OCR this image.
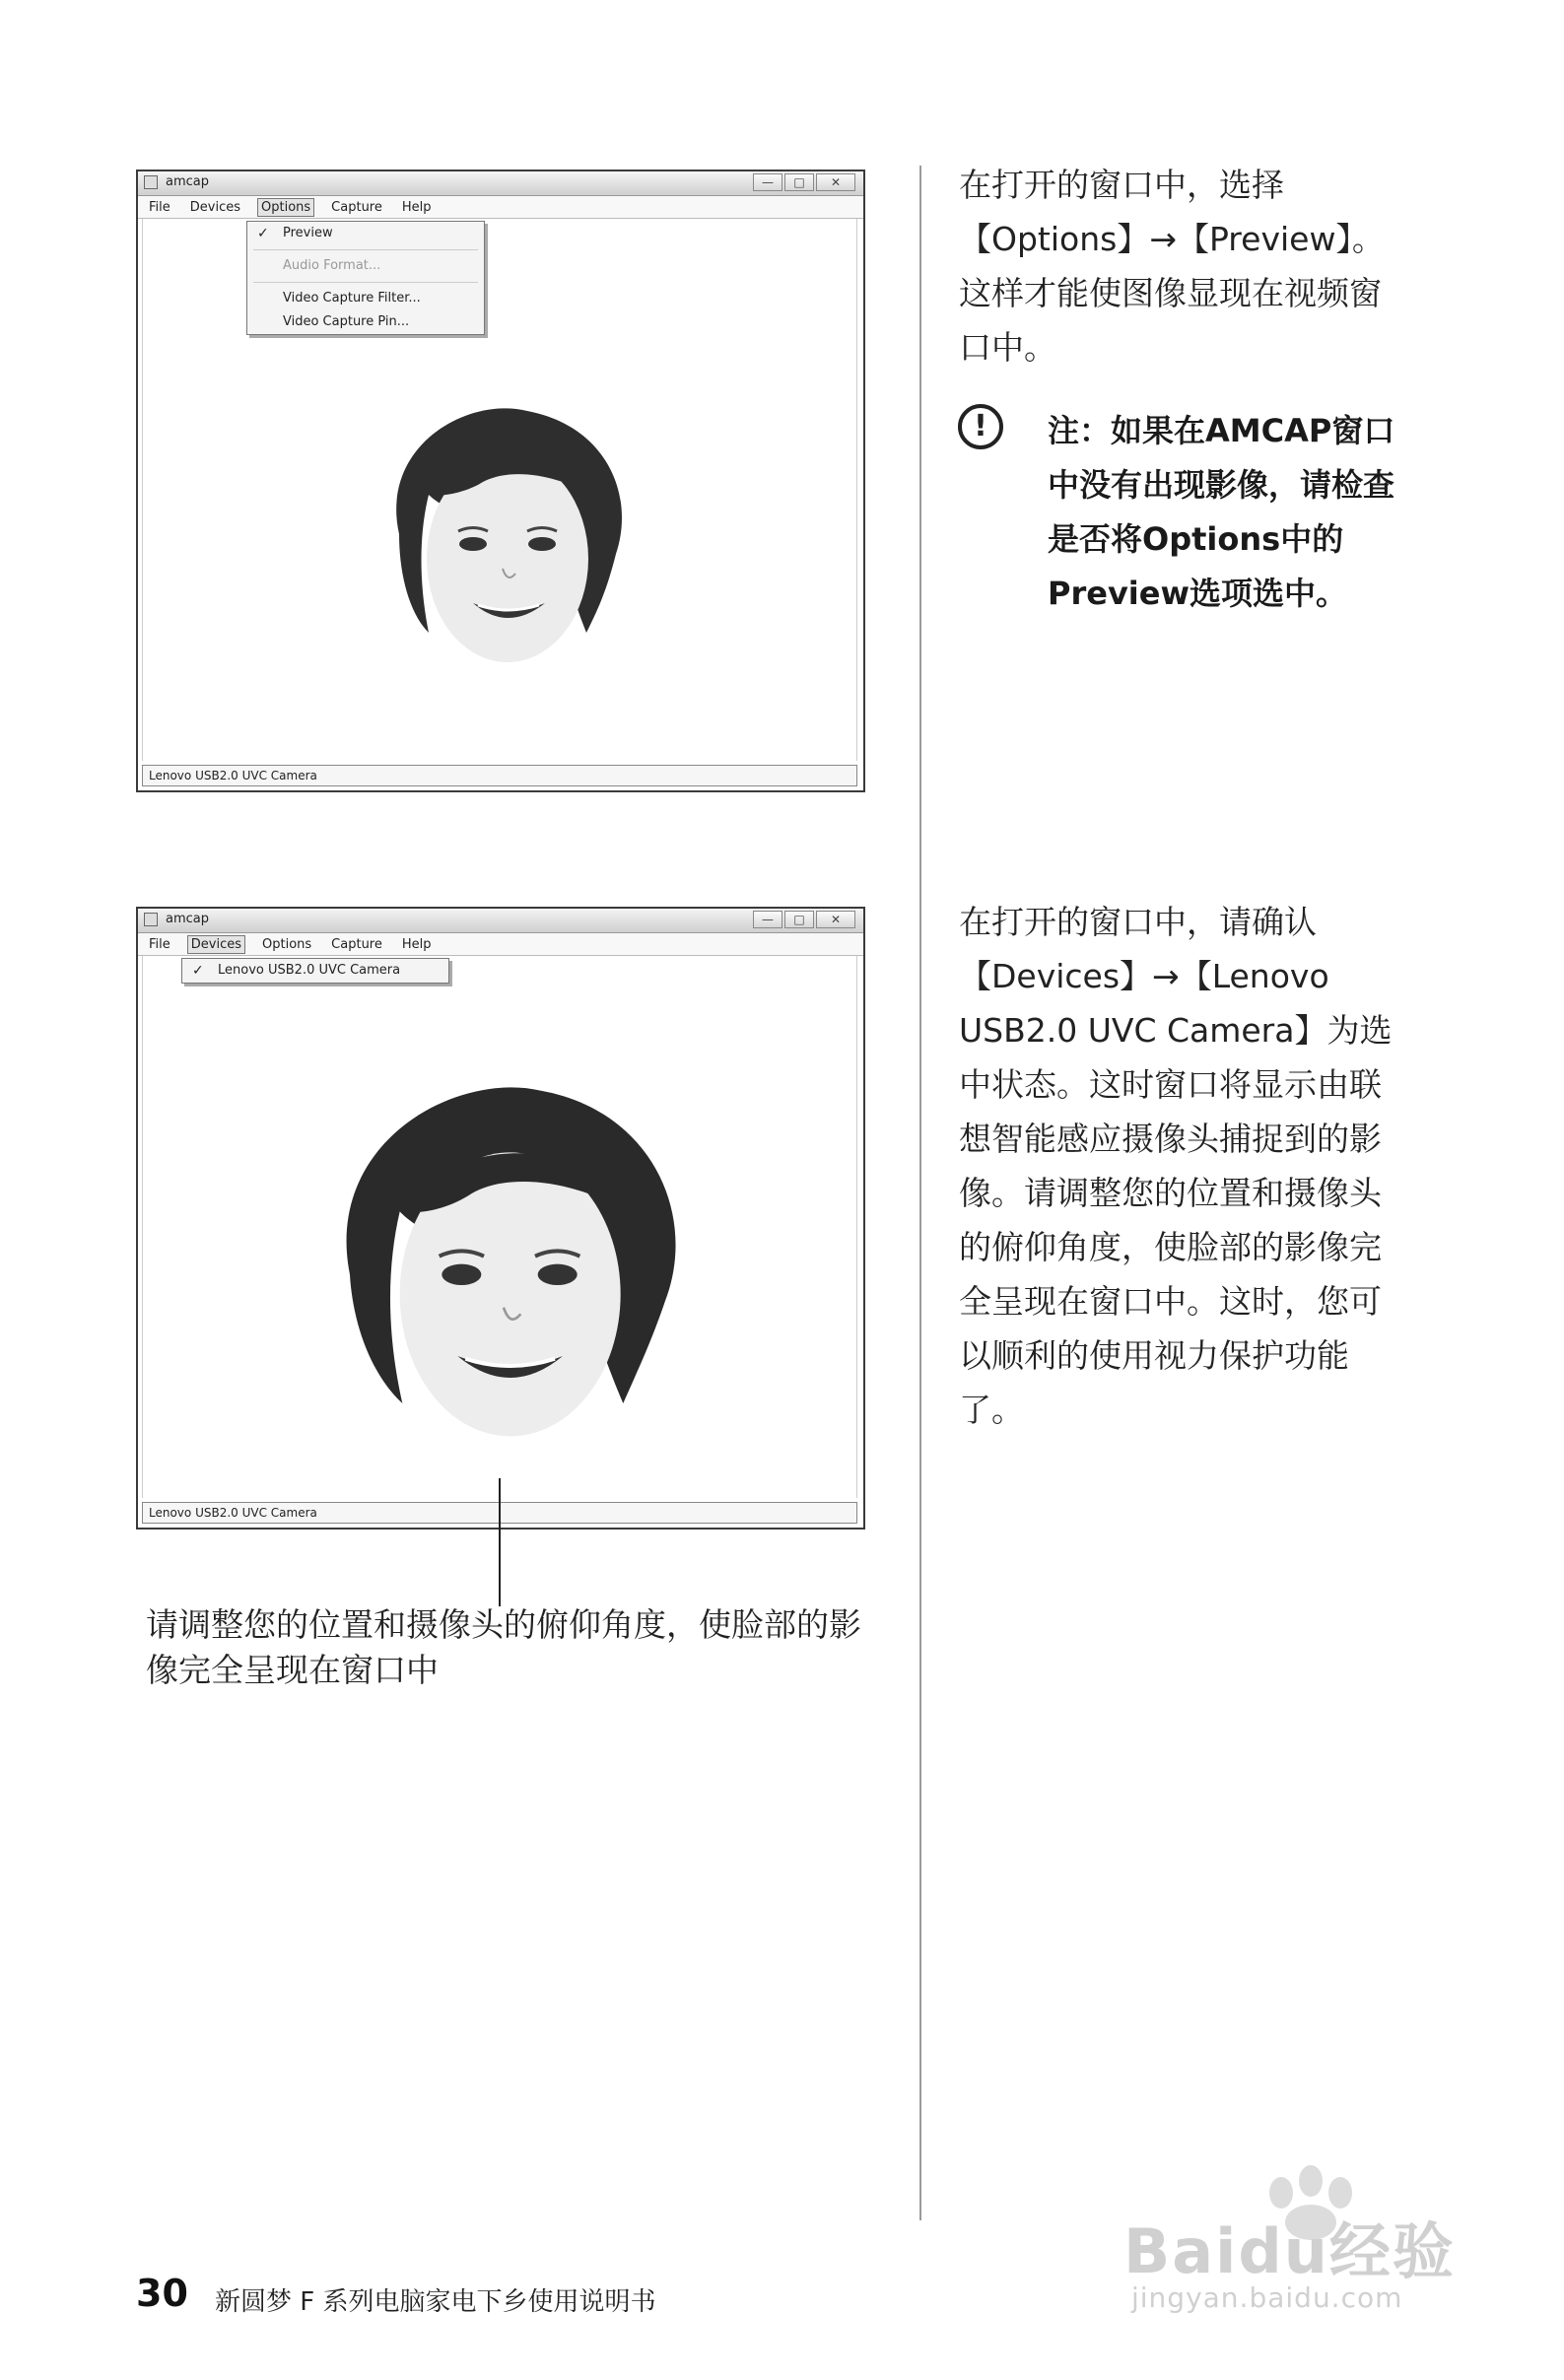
amcap	—	□	✕
File Devices	Options	Capture Help
✓ Preview
Audio Format...
Video Capture Filter...
Video Capture Pin...
Lenovo USB2.0 UVC Camera
amcap	—	□	✕
File	Devices	Options Capture Help
✓ Lenovo USB2.0 UVC Camera
Lenovo USB2.0 UVC Camera
在打开的窗口中，选择【Options】→【Preview】。这样才能使图像显现在视频窗口中。
!	注：如果在AMCAP窗口中没有出现影像，请检查是否将Options中的Preview选项选中。
在打开的窗口中，请确认【Devices】→【Lenovo USB2.0 UVC Camera】为选中状态。这时窗口将显示由联想智能感应摄像头捕捉到的影像。请调整您的位置和摄像头的俯仰角度，使脸部的影像完全呈现在窗口中。这时，您可以顺利的使用视力保护功能了。
请调整您的位置和摄像头的俯仰角度，使脸部的影像完全呈现在窗口中
30 新圆梦 F 系列电脑家电下乡使用说明书
Baidu经验
jingyan.baidu.com
